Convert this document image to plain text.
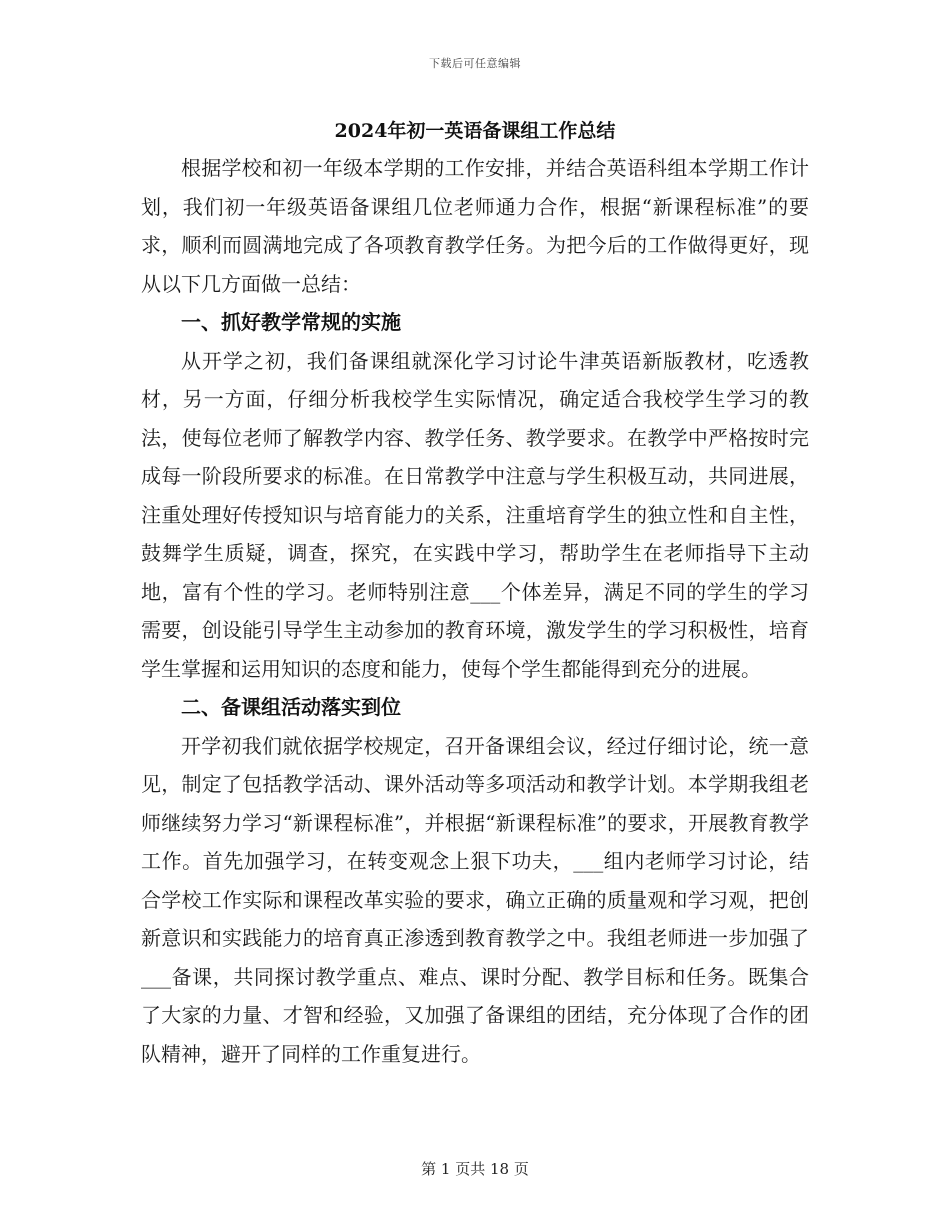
下载后可任意编辑
2024年初一英语备课组工作总结

根据学校和初一年级本学期的工作安排，并结合英语科组本学期工作计划，我们初一年级英语备课组几位老师通力合作，根据“新课程标准”的要求，顺利而圆满地完成了各项教育教学任务。为把今后的工作做得更好，现从以下几方面做一总结：

一、抓好教学常规的实施

从开学之初，我们备课组就深化学习讨论牛津英语新版教材，吃透教材，另一方面，仔细分析我校学生实际情况，确定适合我校学生学习的教法，使每位老师了解教学内容、教学任务、教学要求。在教学中严格按时完成每一阶段所要求的标准。在日常教学中注意与学生积极互动，共同进展，注重处理好传授知识与培育能力的关系，注重培育学生的独立性和自主性，鼓舞学生质疑，调查，探究，在实践中学习，帮助学生在老师指导下主动地，富有个性的学习。老师特别注意___个体差异，满足不同的学生的学习需要，创设能引导学生主动参加的教育环境，激发学生的学习积极性，培育学生掌握和运用知识的态度和能力，使每个学生都能得到充分的进展。

二、备课组活动落实到位

开学初我们就依据学校规定，召开备课组会议，经过仔细讨论，统一意见，制定了包括教学活动、课外活动等多项活动和教学计划。本学期我组老师继续努力学习“新课程标准”，并根据“新课程标准”的要求，开展教育教学工作。首先加强学习，在转变观念上狠下功夫，___组内老师学习讨论，结合学校工作实际和课程改革实验的要求，确立正确的质量观和学习观，把创新意识和实践能力的培育真正渗透到教育教学之中。我组老师进一步加强了___备课，共同探讨教学重点、难点、课时分配、教学目标和任务。既集合了大家的力量、才智和经验，又加强了备课组的团结，充分体现了合作的团队精神，避开了同样的工作重复进行。

第 1 页共 18 页
